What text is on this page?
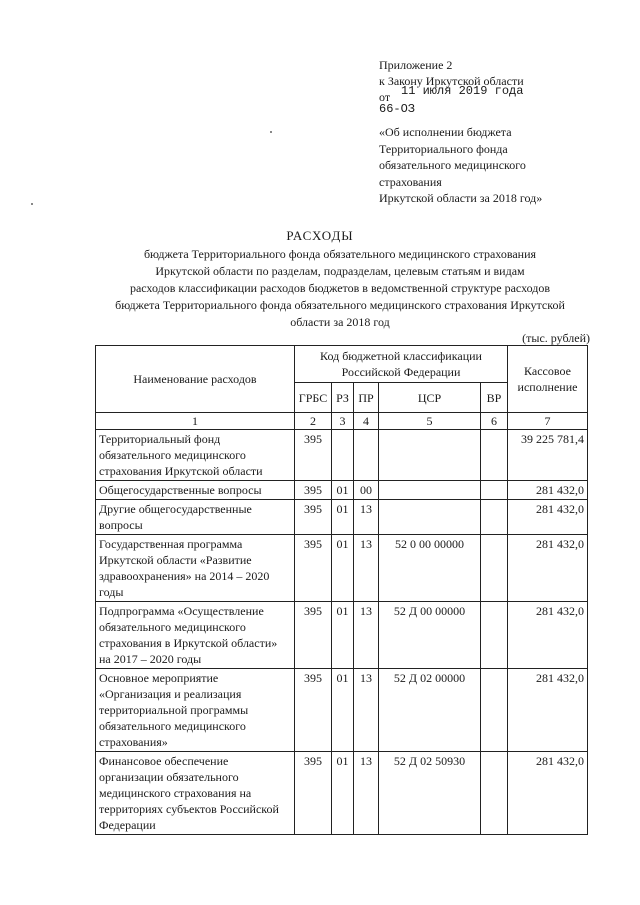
Приложение 2
к Закону Иркутской области
от 11 июля 2019 года
66-ОЗ
«Об исполнении бюджета
Территориального фонда
обязательного медицинского
страхования
Иркутской области за 2018 год»
РАСХОДЫ
бюджета Территориального фонда обязательного медицинского страхования
Иркутской области по разделам, подразделам, целевым статьям и видам
расходов классификации расходов бюджетов в ведомственной структуре расходов
бюджета Территориального фонда обязательного медицинского страхования Иркутской
области за 2018 год
(тыс. рублей)
Наименование расходов	Код бюджетной классификации Российской Федерации					Кассовое исполнение
	ГРБС	РЗ	ПР	ЦСР	ВР	
1	2	3	4	5	6	7
Территориальный фонд обязательного медицинского страхования Иркутской области	395					39 225 781,4
Общегосударственные вопросы	395	01	00			281 432,0
Другие общегосударственные вопросы	395	01	13			281 432,0
Государственная программа Иркутской области «Развитие здравоохранения» на 2014 – 2020 годы	395	01	13	52 0 00 00000		281 432,0
Подпрограмма «Осуществление обязательного медицинского страхования в Иркутской области» на 2017 – 2020 годы	395	01	13	52 Д 00 00000		281 432,0
Основное мероприятие «Организация и реализация территориальной программы обязательного медицинского страхования»	395	01	13	52 Д 02 00000		281 432,0
Финансовое обеспечение организации обязательного медицинского страхования на территориях субъектов Российской Федерации	395	01	13	52 Д 02 50930		281 432,0
